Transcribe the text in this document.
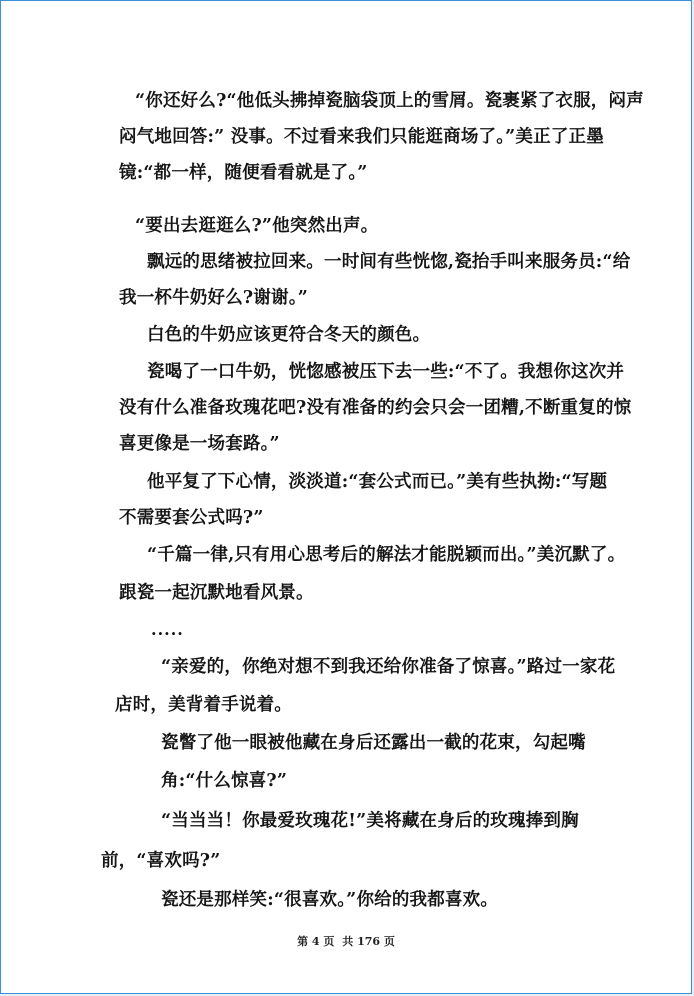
“你还好么?“他低头拂掉瓷脑袋顶上的雪屑。瓷裹紧了衣服，闷声
闷气地回答:” 没事。不过看来我们只能逛商场了。”美正了正墨
镜:“都一样，随便看看就是了。”
“要出去逛逛么?”他突然出声。
飘远的思绪被拉回来。一时间有些恍惚,瓷抬手叫来服务员:“给
我一杯牛奶好么?谢谢。”
白色的牛奶应该更符合冬天的颜色。
瓷喝了一口牛奶，恍惚感被压下去一些:“不了。我想你这次并
没有什么准备玫瑰花吧?没有准备的约会只会一团糟,不断重复的惊
喜更像是一场套路。”
他平复了下心情，淡淡道:“套公式而已。”美有些执拗:“写题
不需要套公式吗?”
“千篇一律,只有用心思考后的解法才能脱颖而出。”美沉默了。
跟瓷一起沉默地看风景。
.....
“亲爱的，你绝对想不到我还给你准备了惊喜。”路过一家花
店时，美背着手说着。
瓷瞥了他一眼被他藏在身后还露出一截的花束，勾起嘴
角:“什么惊喜?”
“当当当！你最爱玫瑰花!”美将藏在身后的玫瑰捧到胸
前，“喜欢吗?”
瓷还是那样笑:“很喜欢。”你给的我都喜欢。
第 4 页 共 176 页
